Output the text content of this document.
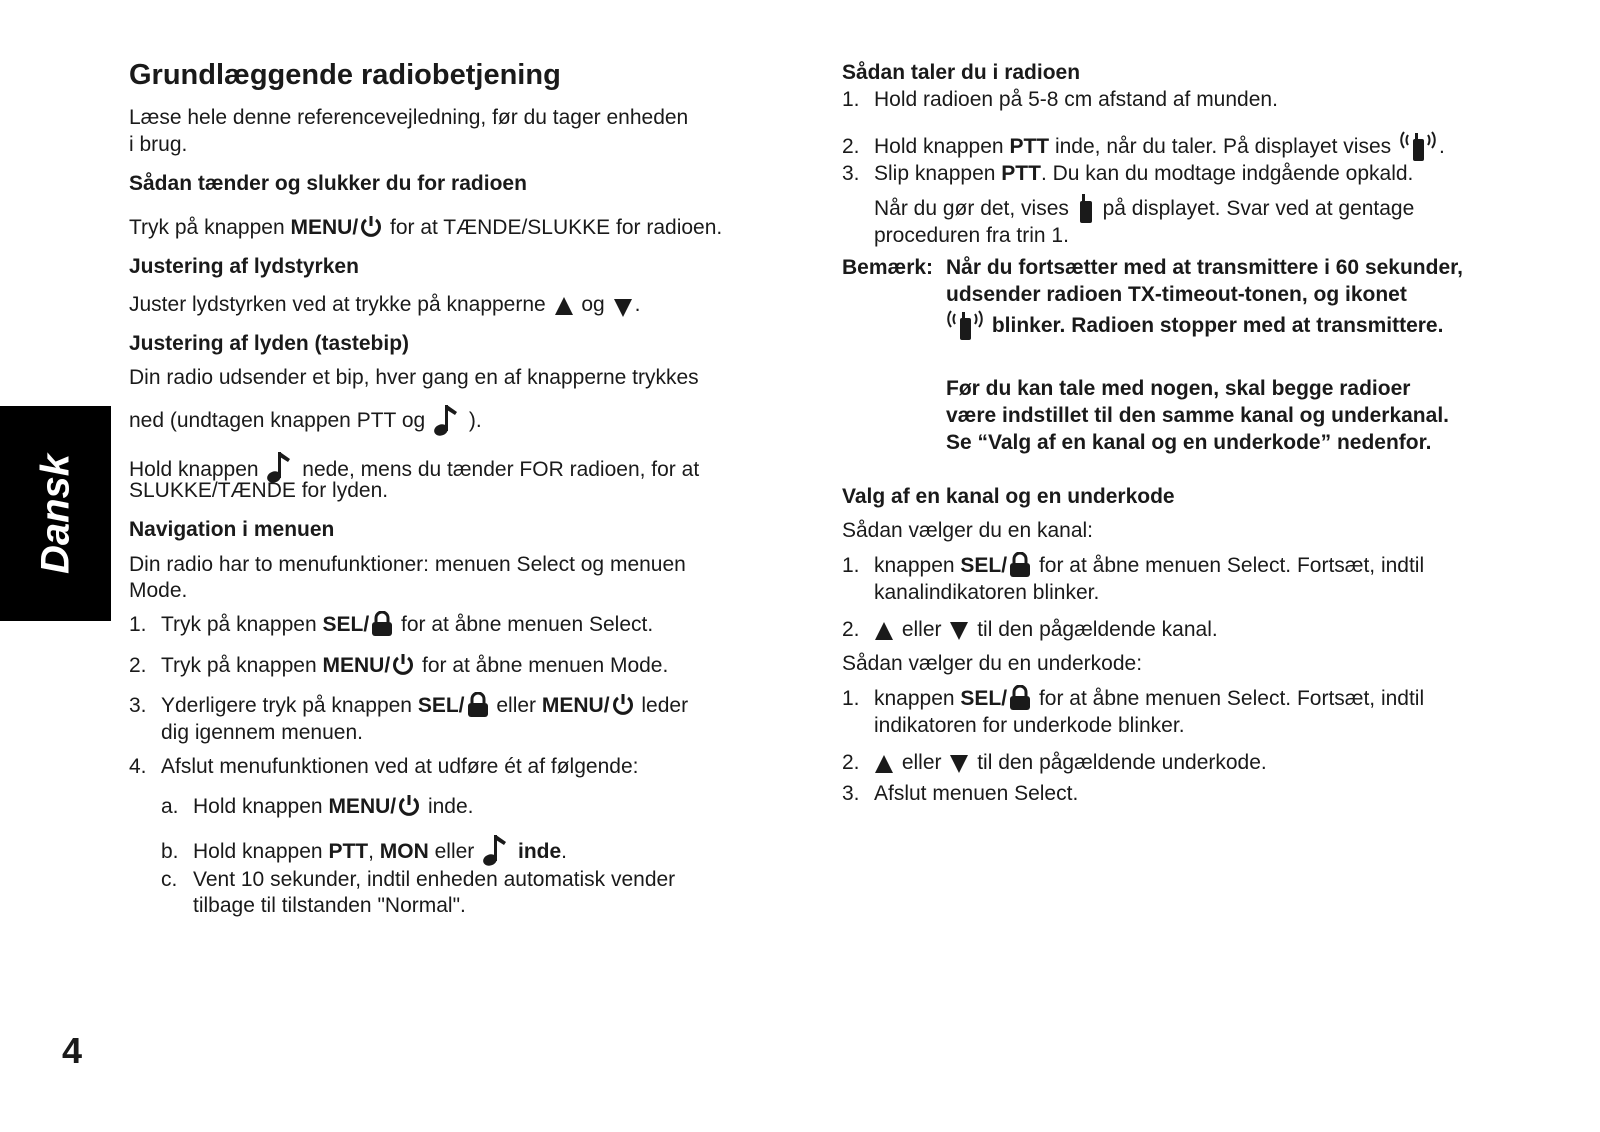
Dansk
Grundlæggende radiobetjening
Læse hele denne referencevejledning, før du tager enheden
i brug.
Sådan tænder og slukker du for radioen
Tryk på knappen MENU/ for at TÆNDE/SLUKKE for radioen.
Justering af lydstyrken
Juster lydstyrken ved at trykke på knapperne  og .
Justering af lyden (tastebip)
Din radio udsender et bip, hver gang en af knapperne trykkes
ned (undtagen knappen PTT og  ).
Hold knappen  nede, mens du tænder FOR radioen, for at
SLUKKE/TÆNDE for lyden.
Navigation i menuen
Din radio har to menufunktioner: menuen Select og menuen
Mode.
1. Tryk på knappen SEL/ for at åbne menuen Select.
2. Tryk på knappen MENU/ for at åbne menuen Mode.
3. Yderligere tryk på knappen SEL/ eller MENU/ leder
dig igennem menuen.
4. Afslut menufunktionen ved at udføre ét af følgende:
a. Hold knappen MENU/ inde.
b. Hold knappen PTT, MON eller  inde.
c. Vent 10 sekunder, indtil enheden automatisk vender
tilbage til tilstanden "Normal".
Sådan taler du i radioen
1. Hold radioen på 5-8 cm afstand af munden.
2. Hold knappen PTT inde, når du taler. På displayet vises .
3. Slip knappen PTT. Du kan du modtage indgående opkald.
Når du gør det, vises  på displayet. Svar ved at gentage
proceduren fra trin 1.
Bemærk: Når du fortsætter med at transmittere i 60 sekunder,
udsender radioen TX-timeout-tonen, og ikonet
blinker. Radioen stopper med at transmittere.
Før du kan tale med nogen, skal begge radioer
være indstillet til den samme kanal og underkanal.
Se “Valg af en kanal og en underkode” nedenfor.
Valg af en kanal og en underkode
Sådan vælger du en kanal:
1. knappen SEL/ for at åbne menuen Select. Fortsæt, indtil
kanalindikatoren blinker.
2. eller  til den pågældende kanal.
Sådan vælger du en underkode:
1. knappen SEL/ for at åbne menuen Select. Fortsæt, indtil
indikatoren for underkode blinker.
2. eller  til den pågældende underkode.
3. Afslut menuen Select.
4
